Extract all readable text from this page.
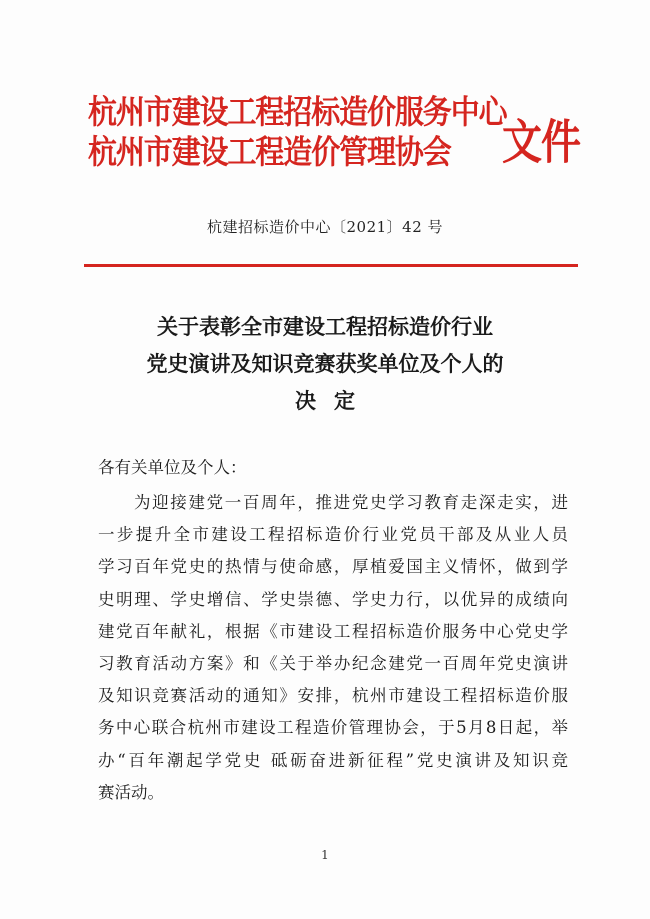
杭州市建设工程招标造价服务中心
杭州市建设工程造价管理协会	文件
杭建招标造价中心〔2021〕42 号
关于表彰全市建设工程招标造价行业
党史演讲及知识竞赛获奖单位及个人的
决定
各有关单位及个人：
为迎接建党一百周年，推进党史学习教育走深走实，进
一步提升全市建设工程招标造价行业党员干部及从业人员
学习百年党史的热情与使命感，厚植爱国主义情怀，做到学
史明理、学史增信、学史崇德、学史力行，以优异的成绩向
建党百年献礼，根据《市建设工程招标造价服务中心党史学
习教育活动方案》和《关于举办纪念建党一百周年党史演讲
及知识竞赛活动的通知》安排，杭州市建设工程招标造价服
务中心联合杭州市建设工程造价管理协会，于5月8日起，举
办“百年潮起学党史 砥砺奋进新征程”党史演讲及知识竞
赛活动。
1
